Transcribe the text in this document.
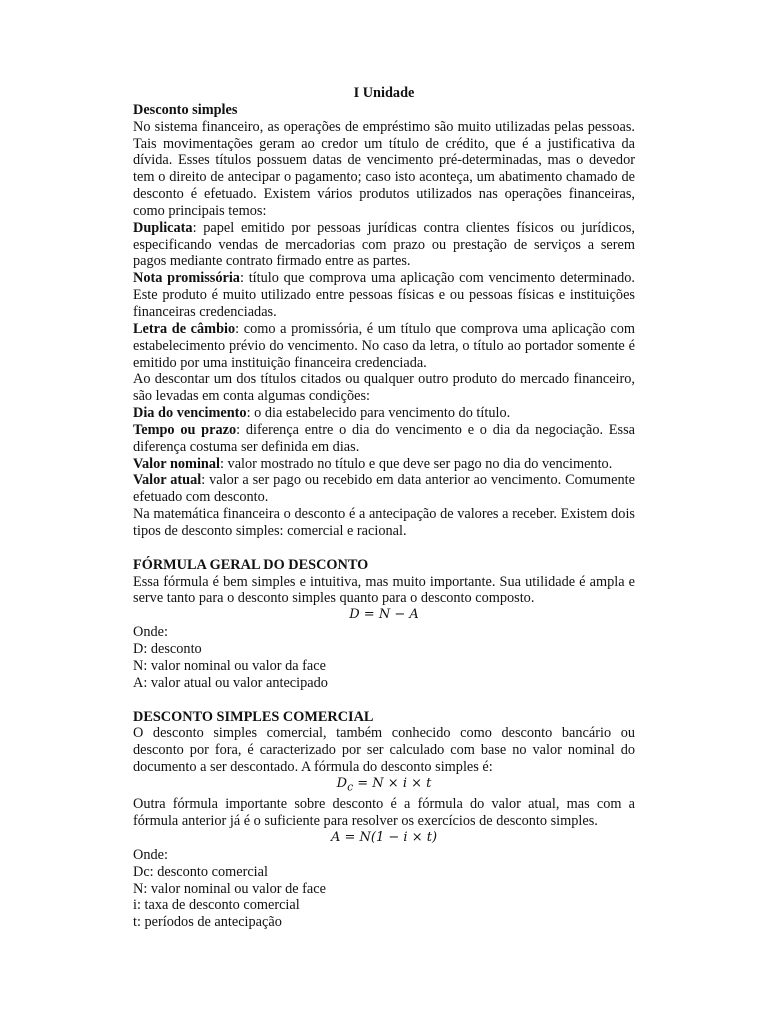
I Unidade

Desconto simples

No sistema financeiro, as operações de empréstimo são muito utilizadas pelas pessoas. Tais movimentações geram ao credor um título de crédito, que é a justificativa da dívida. Esses títulos possuem datas de vencimento pré-determinadas, mas o devedor tem o direito de antecipar o pagamento; caso isto aconteça, um abatimento chamado de desconto é efetuado. Existem vários produtos utilizados nas operações financeiras, como principais temos:

Duplicata: papel emitido por pessoas jurídicas contra clientes físicos ou jurídicos, especificando vendas de mercadorias com prazo ou prestação de serviços a serem pagos mediante contrato firmado entre as partes.

Nota promissória: título que comprova uma aplicação com vencimento determinado. Este produto é muito utilizado entre pessoas físicas e ou pessoas físicas e instituições financeiras credenciadas.

Letra de câmbio: como a promissória, é um título que comprova uma aplicação com estabelecimento prévio do vencimento. No caso da letra, o título ao portador somente é emitido por uma instituição financeira credenciada.

Ao descontar um dos títulos citados ou qualquer outro produto do mercado financeiro, são levadas em conta algumas condições:

Dia do vencimento: o dia estabelecido para vencimento do título.

Tempo ou prazo: diferença entre o dia do vencimento e o dia da negociação. Essa diferença costuma ser definida em dias.

Valor nominal: valor mostrado no título e que deve ser pago no dia do vencimento.

Valor atual: valor a ser pago ou recebido em data anterior ao vencimento. Comumente efetuado com desconto.

Na matemática financeira o desconto é a antecipação de valores a receber. Existem dois tipos de desconto simples: comercial e racional.

FÓRMULA GERAL DO DESCONTO

Essa fórmula é bem simples e intuitiva, mas muito importante. Sua utilidade é ampla e serve tanto para o desconto simples quanto para o desconto composto.

D = N − A

Onde:

D: desconto

N: valor nominal ou valor da face

A: valor atual ou valor antecipado

DESCONTO SIMPLES COMERCIAL

O desconto simples comercial, também conhecido como desconto bancário ou desconto por fora, é caracterizado por ser calculado com base no valor nominal do documento a ser descontado. A fórmula do desconto simples é:

$D_c = N \times i \times t$

Outra fórmula importante sobre desconto é a fórmula do valor atual, mas com a fórmula anterior já é o suficiente para resolver os exercícios de desconto simples.

A = N(1 − i × t)

Onde:

Dc: desconto comercial

N: valor nominal ou valor de face

i: taxa de desconto comercial

t: períodos de antecipação
